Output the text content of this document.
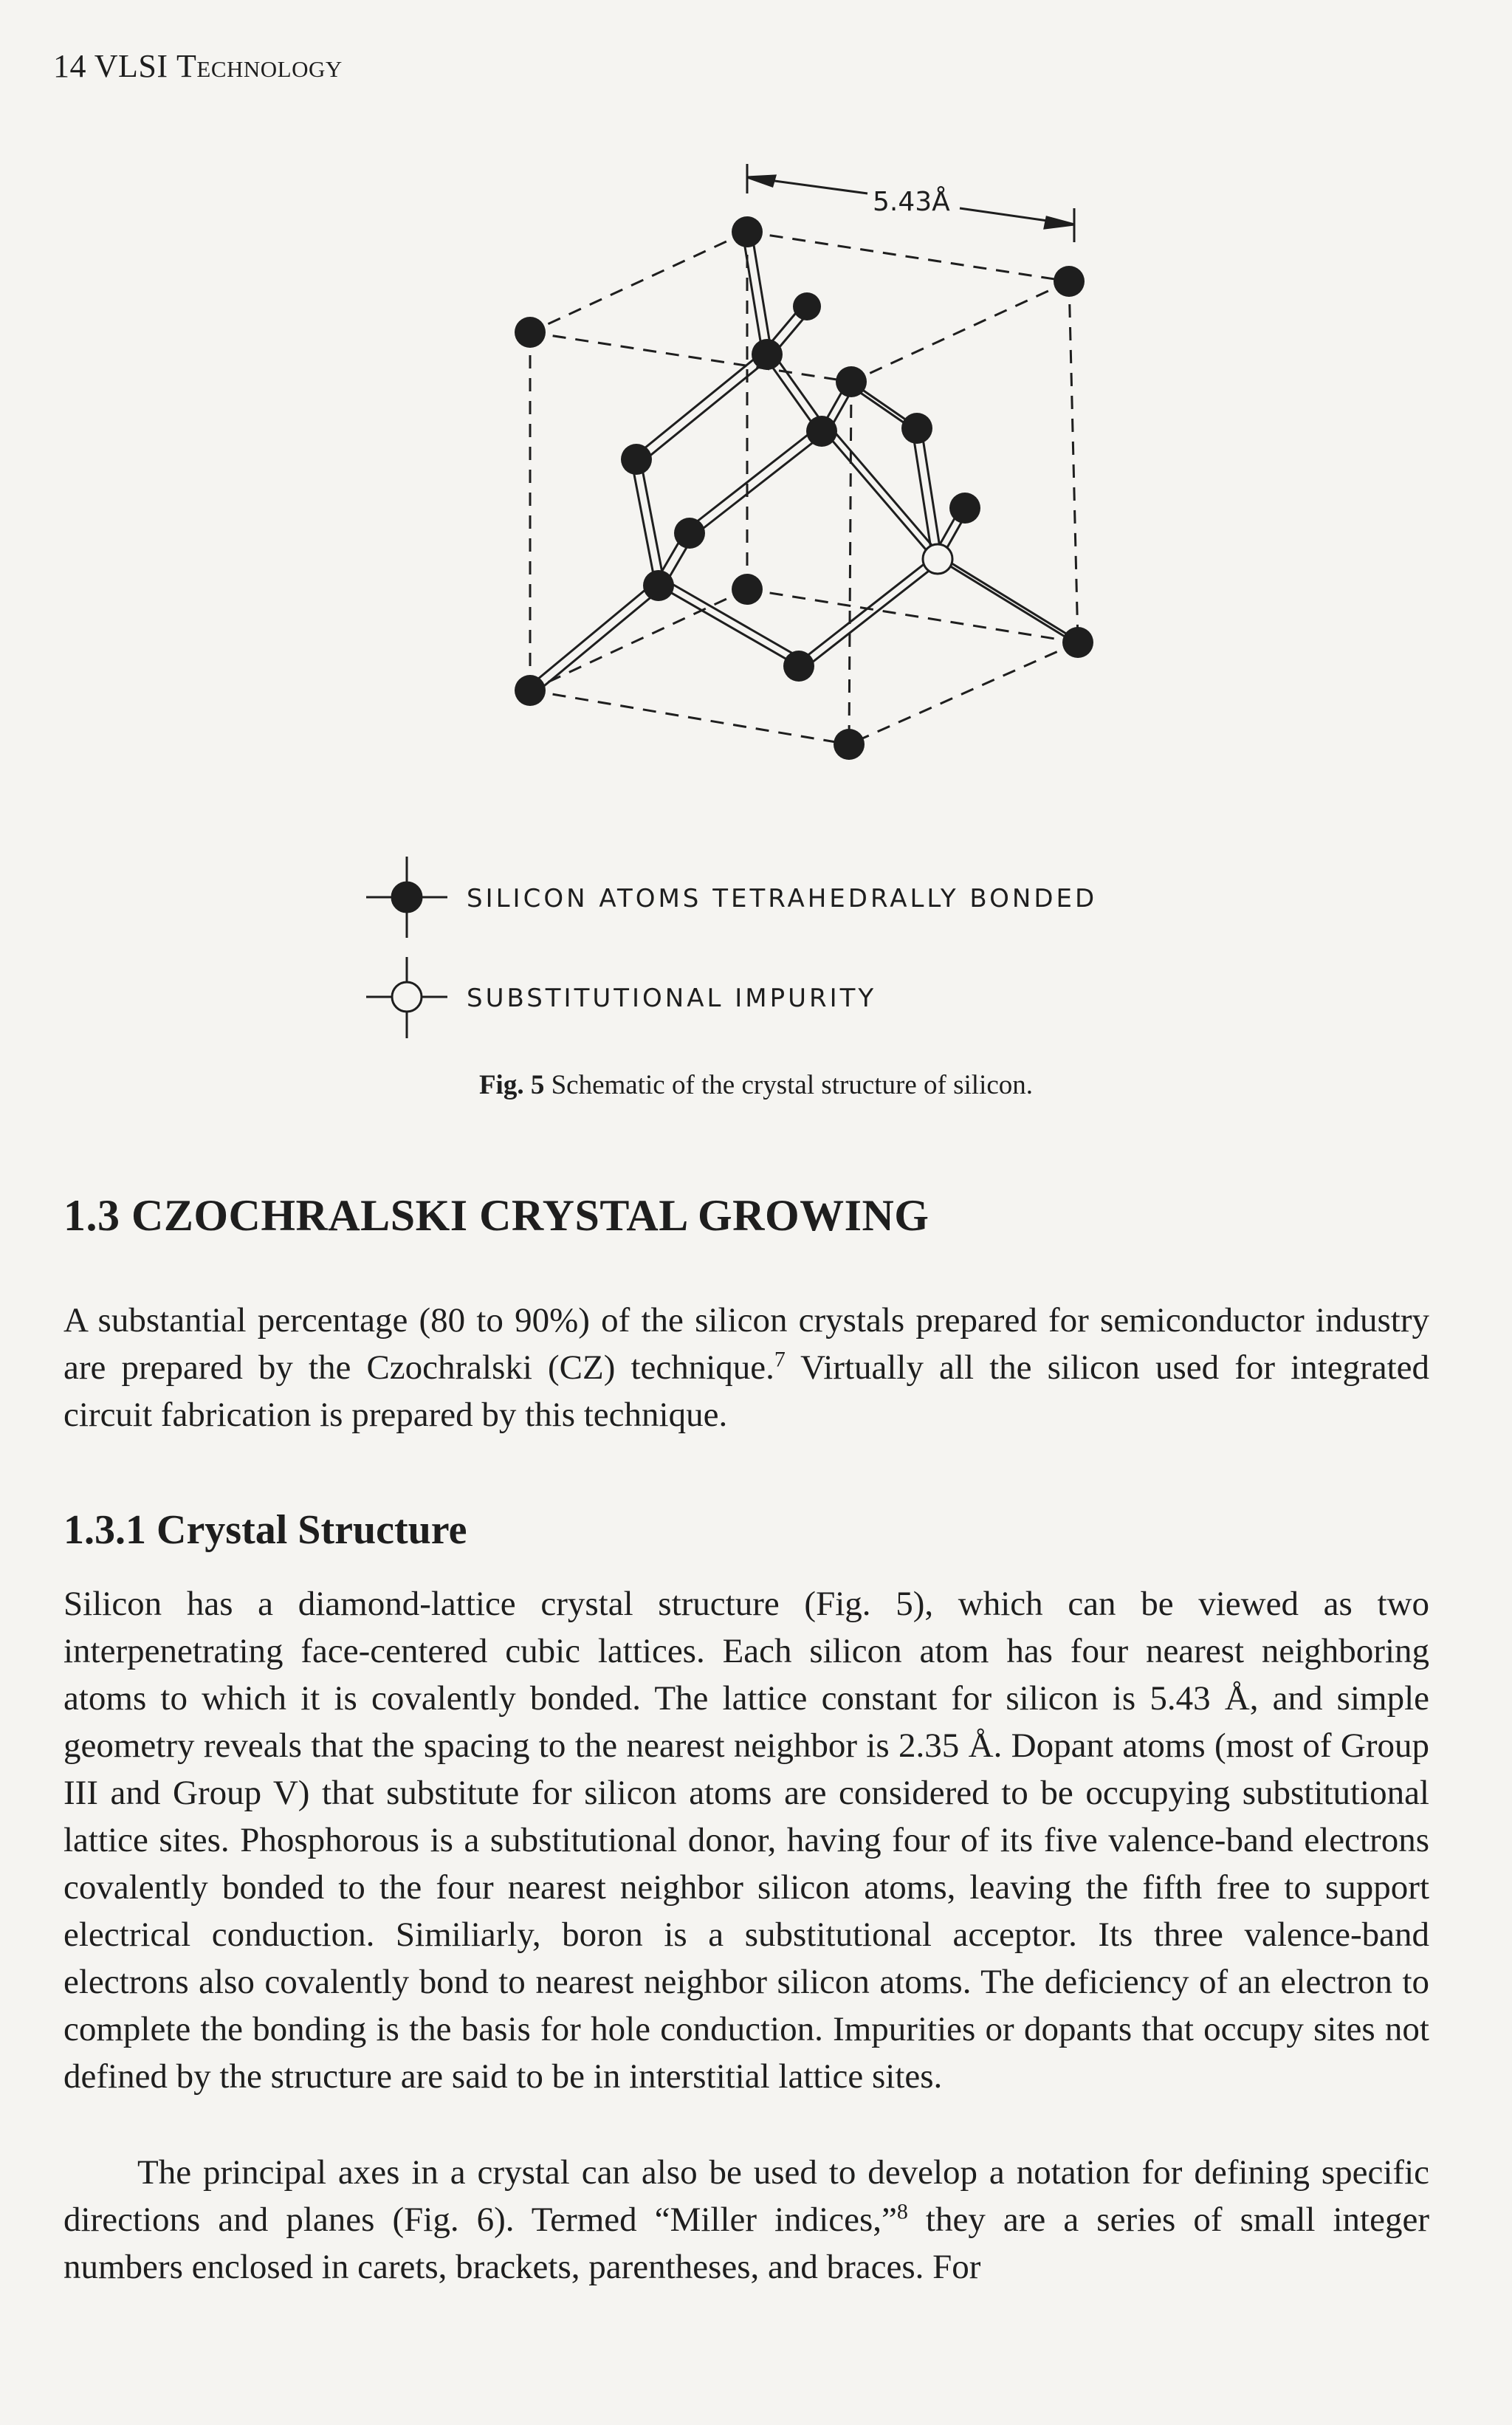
14 VLSI Technology
5.43Å
SILICON ATOMS TETRAHEDRALLY BONDED
SUBSTITUTIONAL IMPURITY
Fig. 5 Schematic of the crystal structure of silicon.
1.3 CZOCHRALSKI CRYSTAL GROWING

A substantial percentage (80 to 90%) of the silicon crystals prepared for semiconductor industry are prepared by the Czochralski (CZ) technique.$^7$ Virtually all the silicon used for integrated circuit fabrication is prepared by this technique.

1.3.1 Crystal Structure

Silicon has a diamond-lattice crystal structure (Fig. 5), which can be viewed as two interpenetrating face-centered cubic lattices. Each silicon atom has four nearest neighboring atoms to which it is covalently bonded. The lattice constant for silicon is 5.43 Å, and simple geometry reveals that the spacing to the nearest neighbor is 2.35 Å. Dopant atoms (most of Group III and Group V) that substitute for silicon atoms are considered to be occupying substitutional lattice sites. Phosphorous is a substitutional donor, having four of its five valence-band electrons covalently bonded to the four nearest neighbor silicon atoms, leaving the fifth free to support electrical conduction. Similiarly, boron is a substitutional acceptor. Its three valence-band electrons also covalently bond to nearest neighbor silicon atoms. The deficiency of an electron to complete the bonding is the basis for hole conduction. Impurities or dopants that occupy sites not defined by the structure are said to be in interstitial lattice sites.

The principal axes in a crystal can also be used to develop a notation for defining specific directions and planes (Fig. 6). Termed “Miller indices,”$^8$ they are a series of small integer numbers enclosed in carets, brackets, parentheses, and braces. For
